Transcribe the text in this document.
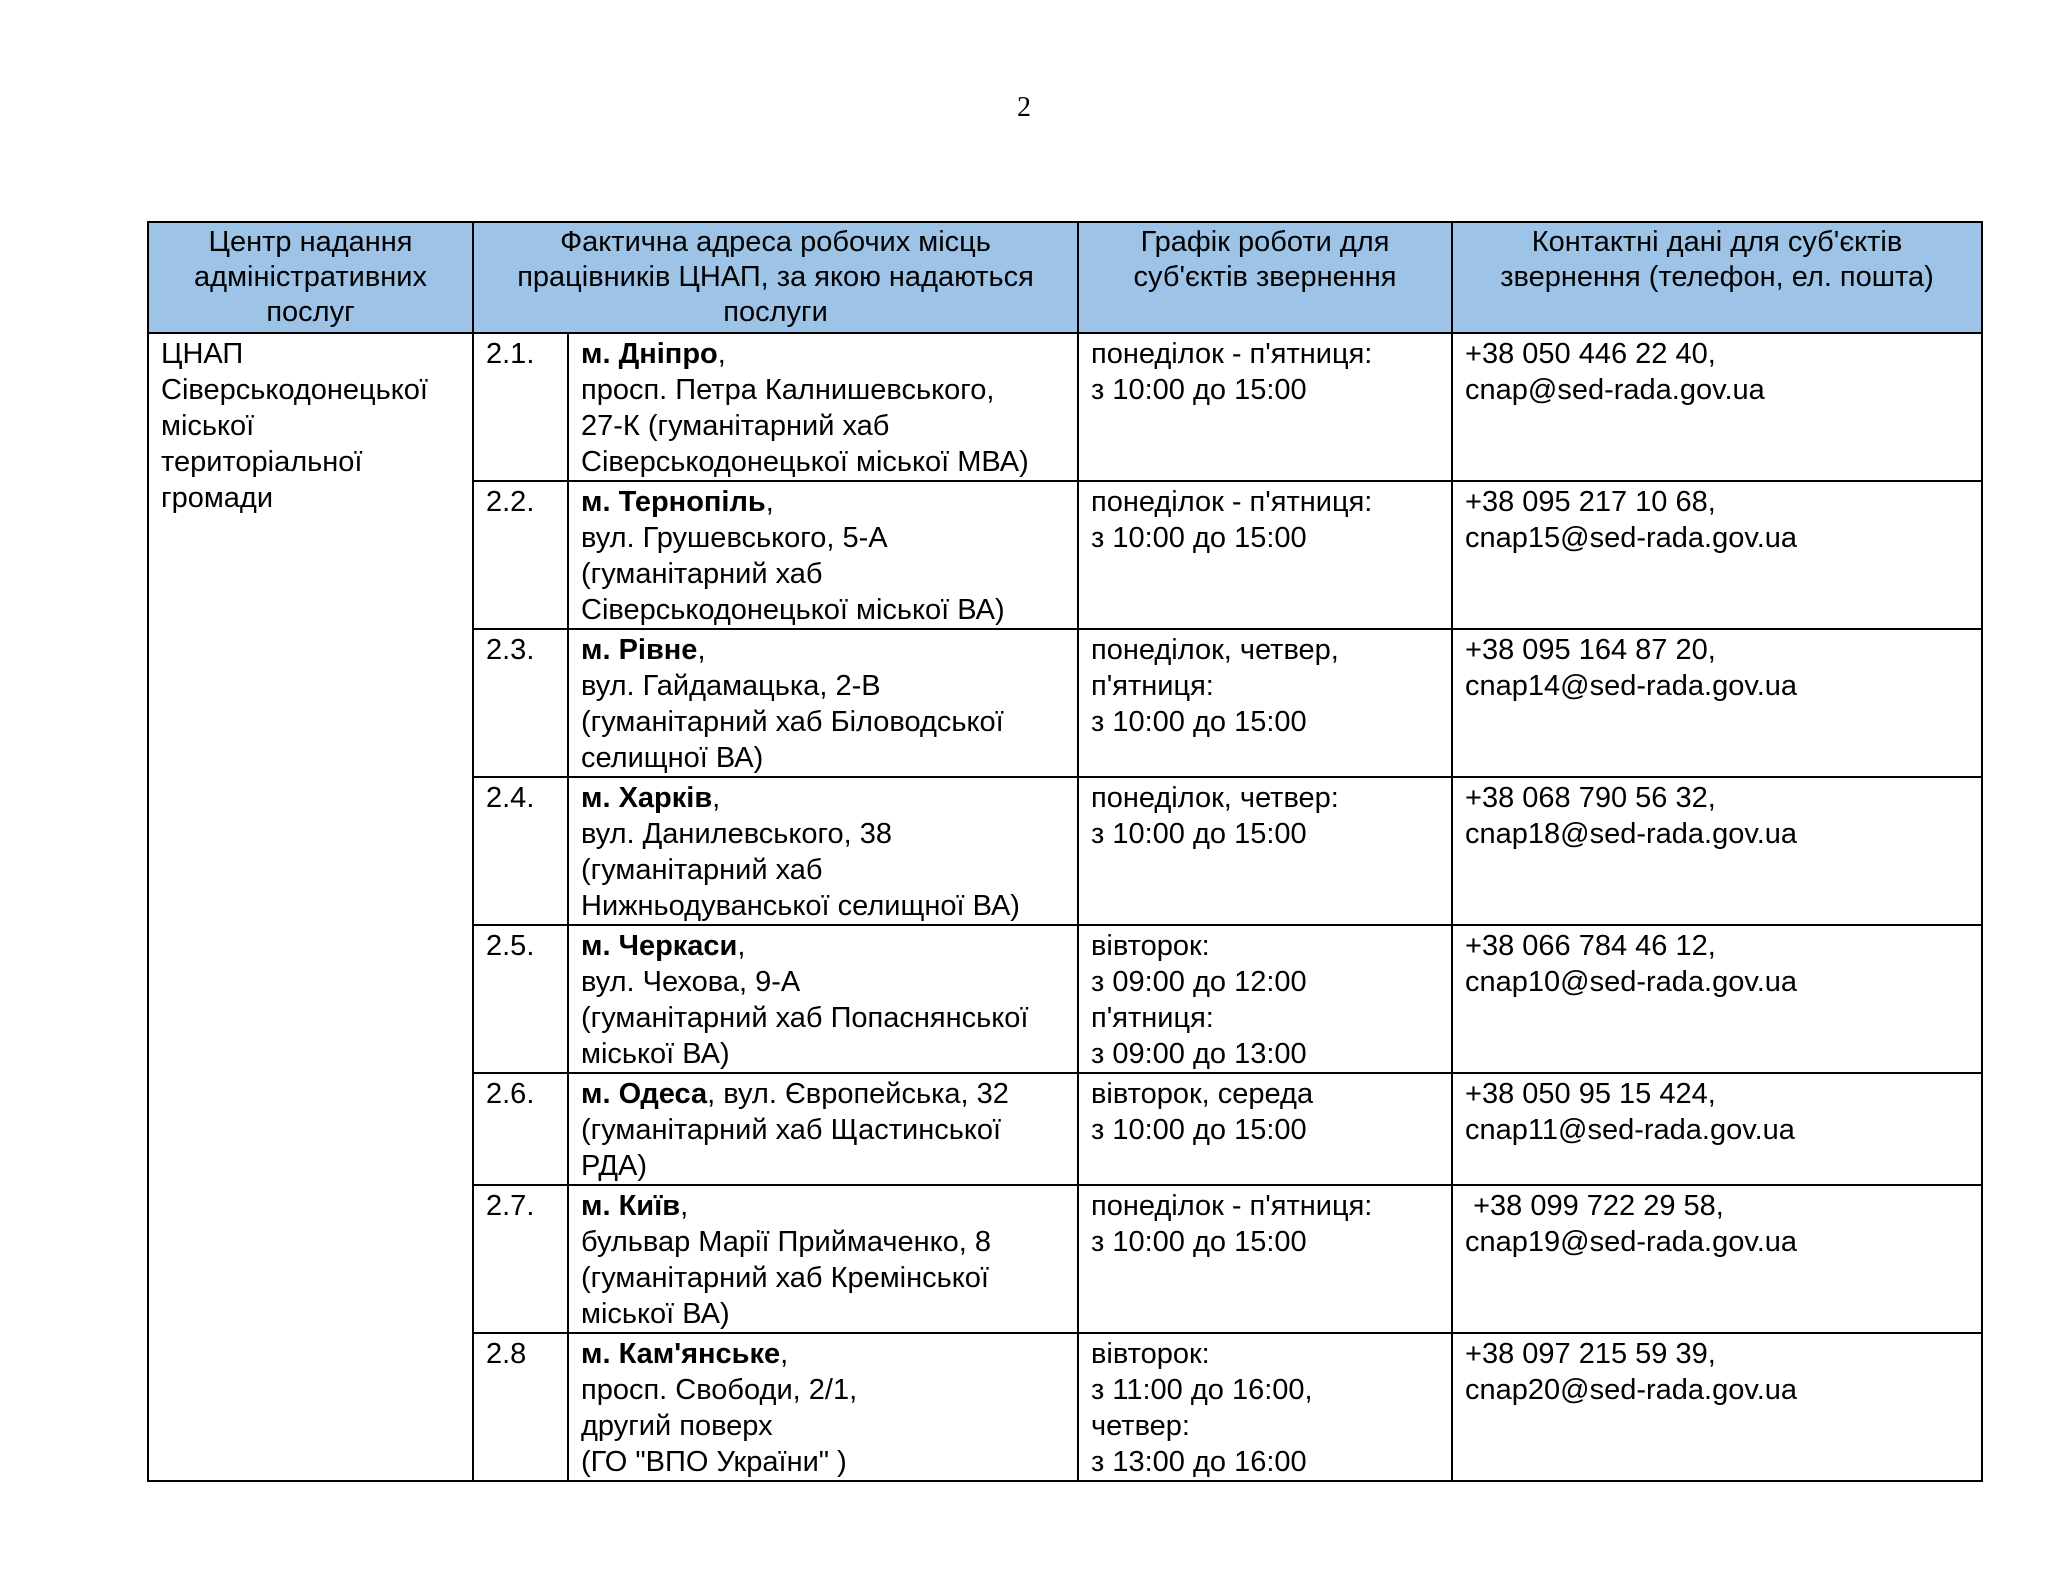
2
Центр надання адміністративних послуг	Фактична адреса робочих місць працівників ЦНАП, за якою надаються послуги		Графік роботи для суб'єктів звернення	Контактні дані для суб'єктів звернення (телефон, ел. пошта)

ЦНАП
Сіверськодонецької
міської
територіальної
громади	2.1.	м. Дніпро,
просп. Петра Калнишевського,
27-К (гуманітарний хаб
Сіверськодонецької міської МВА)	понеділок - п'ятниця:
з 10:00 до 15:00	+38 050 446 22 40,
cnap@sed-rada.gov.ua

	2.2.	м. Тернопіль,
вул. Грушевського, 5-А
(гуманітарний хаб
Сіверськодонецької міської ВА)	понеділок - п'ятниця:
з 10:00 до 15:00	+38 095 217 10 68,
cnap15@sed-rada.gov.ua

	2.3.	м. Рівне,
вул. Гайдамацька, 2-В
(гуманітарний хаб Біловодської
селищної ВА)	понеділок, четвер,
п'ятниця:
з 10:00 до 15:00	+38 095 164 87 20,
cnap14@sed-rada.gov.ua

	2.4.	м. Харків,
вул. Данилевського, 38
(гуманітарний хаб
Нижньодуванської селищної ВА)	понеділок, четвер:
з 10:00 до 15:00	+38 068 790 56 32,
cnap18@sed-rada.gov.ua

	2.5.	м. Черкаси,
вул. Чехова, 9-А
(гуманітарний хаб Попаснянської
міської ВА)	вівторок:
з 09:00 до 12:00
п'ятниця:
з 09:00 до 13:00	+38 066 784 46 12,
cnap10@sed-rada.gov.ua

	2.6.	м. Одеса, вул. Європейська, 32
(гуманітарний хаб Щастинської
РДА)	вівторок, середа
з 10:00 до 15:00	+38 050 95 15 424,
cnap11@sed-rada.gov.ua

	2.7.	м. Київ,
бульвар Марії Приймаченко, 8
(гуманітарний хаб Кремінської
міської ВА)	понеділок - п'ятниця:
з 10:00 до 15:00	+38 099 722 29 58,
cnap19@sed-rada.gov.ua

	2.8	м. Кам'янське,
просп. Свободи, 2/1,
другий поверх
(ГО "ВПО України" )	вівторок:
з 11:00 до 16:00,
четвер:
з 13:00 до 16:00	+38 097 215 59 39,
cnap20@sed-rada.gov.ua
